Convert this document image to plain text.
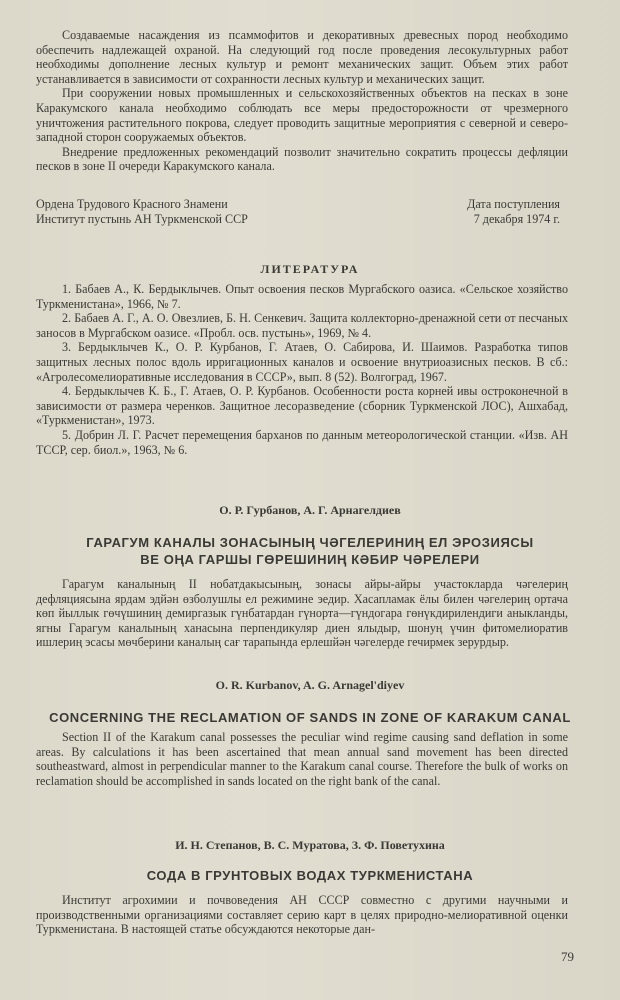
Создаваемые насаждения из псаммофитов и декоративных древесных пород необходимо обеспечить надлежащей охраной. На следующий год после проведения лесокультурных работ необходимы дополнение лесных культур и ремонт механических защит. Объем этих работ устанавливается в зависимости от сохранности лесных культур и механических защит.

При сооружении новых промышленных и сельскохозяйственных объектов на песках в зоне Каракумского канала необходимо соблюдать все меры предосторожности от чрезмерного уничтожения растительного покрова, следует проводить защитные мероприятия с северной и северо-западной сторон сооружаемых объектов.

Внедрение предложенных рекомендаций позволит значительно сократить процессы дефляции песков в зоне II очереди Каракумского канала.

Ордена Трудового Красного Знамени
Институт пустынь АН Туркменской ССР
Дата поступления
7 декабря 1974 г.
ЛИТЕРАТУРА

1. Бабаев А., К. Бердыклычев. Опыт освоения песков Мургабского оазиса. «Сельское хозяйство Туркменистана», 1966, № 7.

2. Бабаев А. Г., А. О. Овезлиев, Б. Н. Сенкевич. Защита коллекторно-дренажной сети от песчаных заносов в Мургабском оазисе. «Пробл. осв. пустынь», 1969, № 4.

3. Бердыклычев К., О. Р. Курбанов, Г. Атаев, О. Сабирова, И. Шаимов. Разработка типов защитных лесных полос вдоль ирригационных каналов и освоение внутриоазисных песков. В сб.: «Агролесомелиоративные исследования в СССР», вып. 8 (52). Волгоград, 1967.

4. Бердыклычев К. Б., Г. Атаев, О. Р. Курбанов. Особенности роста корней ивы остроконечной в зависимости от размера черенков. Защитное лесоразведение (сборник Туркменской ЛОС), Ашхабад, «Туркменистан», 1973.

5. Добрин Л. Г. Расчет перемещения барханов по данным метеорологической станции. «Изв. АН ТССР, сер. биол.», 1963, № 6.

О. Р. Гурбанов, А. Г. Арнагелдиев
ГАРАГУМ КАНАЛЫ ЗОНАСЫНЫҢ ЧӘГЕЛЕРИНИҢ ЕЛ ЭРОЗИЯСЫ
ВЕ ОҢА ГАРШЫ ГӨРЕШИНИҢ КӘБИР ЧӘРЕЛЕРИ

Гарагум каналының II нобатдакысының, зонасы айры-айры участокларда чәгелериң дефляциясына ярдам эдйән өзболушлы ел режимине эедир. Хасапламак ёлы билен чәгелериң ортача көп йыллык гөчүшиниң демиргазык гүнбатардан гүнорта—гүндогара гөнүкдирилендиги аныкланды, ягны Гарагум каналының ханасына перпендикуляр диен ялыдыр, шонуң үчин фитомелиоратив ишлериң эсасы мөчберини каналың сағ тарапында ерлешйән чәгелерде гечирмек зерурдыр.

O. R. Kurbanov, A. G. Arnagel'diyev
CONCERNING THE RECLAMATION OF SANDS IN ZONE OF KARAKUM CANAL

Section II of the Karakum canal possesses the peculiar wind regime causing sand deflation in some areas. By calculations it has been ascertained that mean annual sand movement has been directed southeastward, almost in perpendicular manner to the Karakum canal course. Therefore the bulk of works on reclamation should be accomplished in sands located on the right bank of the canal.

И. Н. Степанов, В. С. Муратова, З. Ф. Поветухина
СОДА В ГРУНТОВЫХ ВОДАХ ТУРКМЕНИСТАНА

Институт агрохимии и почвоведения АН СССР совместно с другими научными и производственными организациями составляет серию карт в целях природно-мелиоративной оценки Туркменистана. В настоящей статье обсуждаются некоторые дан-

79
